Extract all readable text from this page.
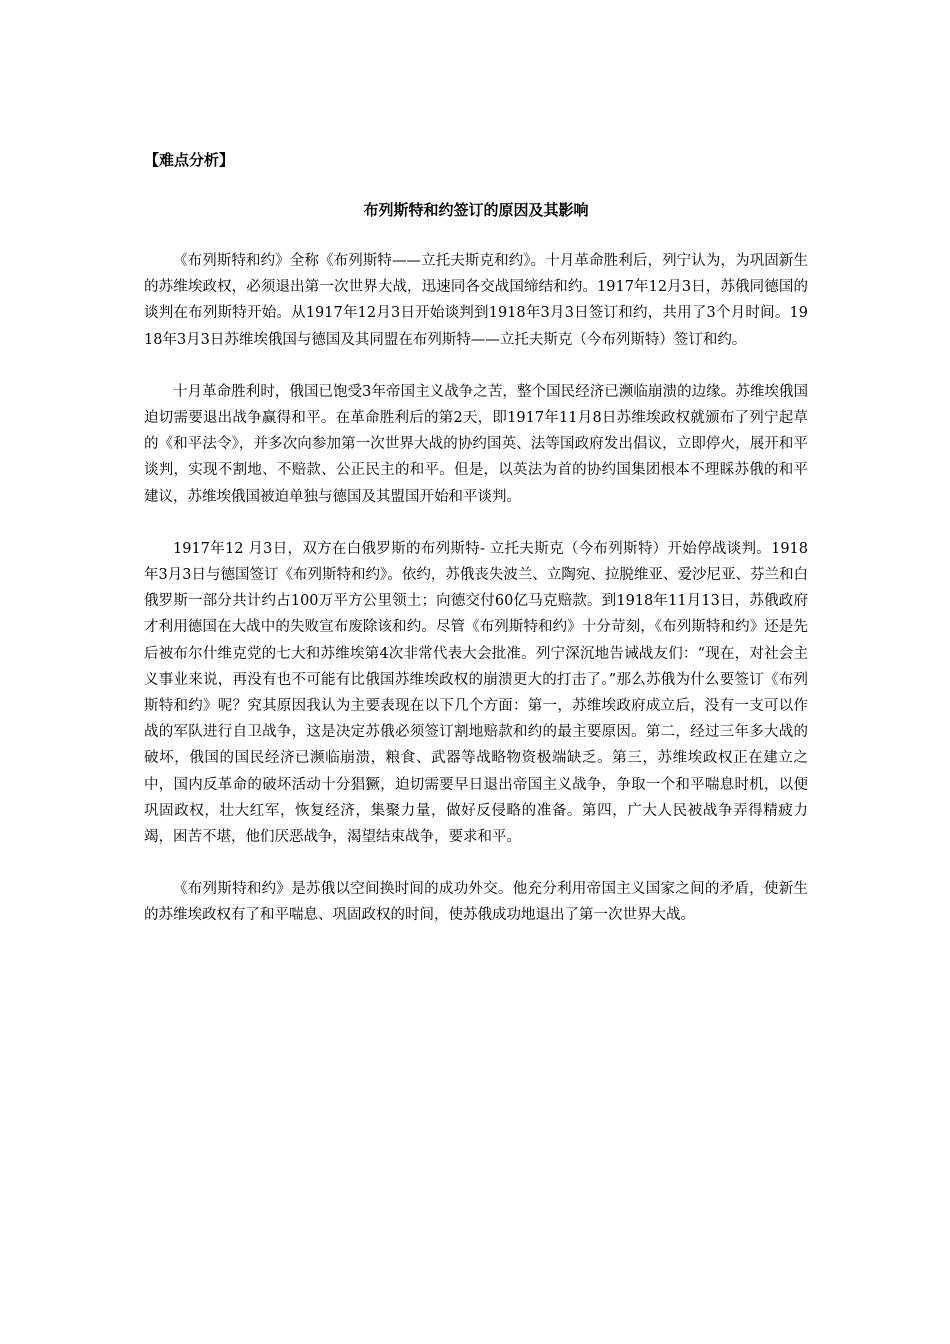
【难点分析】
布列斯特和约签订的原因及其影响

《布列斯特和约》全称《布列斯特——立托夫斯克和约》。十月革命胜利后，列宁认为，为巩固新生的苏维埃政权，必须退出第一次世界大战，迅速同各交战国缔结和约。1917年12月3日，苏俄同德国的谈判在布列斯特开始。从1917年12月3日开始谈判到1918年3月3日签订和约，共用了3个月时间。1918年3月3日苏维埃俄国与德国及其同盟在布列斯特——立托夫斯克（今布列斯特）签订和约。

十月革命胜利时，俄国已饱受3年帝国主义战争之苦，整个国民经济已濒临崩溃的边缘。苏维埃俄国迫切需要退出战争赢得和平。在革命胜利后的第2天，即1917年11月8日苏维埃政权就颁布了列宁起草的《和平法令》，并多次向参加第一次世界大战的协约国英、法等国政府发出倡议，立即停火，展开和平谈判，实现不割地、不赔款、公正民主的和平。但是，以英法为首的协约国集团根本不理睬苏俄的和平建议，苏维埃俄国被迫单独与德国及其盟国开始和平谈判。

1917年12 月3日，双方在白俄罗斯的布列斯特- 立托夫斯克（今布列斯特）开始停战谈判。1918年3月3日与德国签订《布列斯特和约》。依约，苏俄丧失波兰、立陶宛、拉脱维亚、爱沙尼亚、芬兰和白俄罗斯一部分共计约占100万平方公里领土；向德交付60亿马克赔款。到1918年11月13日，苏俄政府才利用德国在大战中的失败宣布废除该和约。尽管《布列斯特和约》十分苛刻，《布列斯特和约》还是先后被布尔什维克党的七大和苏维埃第4次非常代表大会批准。列宁深沉地告诫战友们：“现在，对社会主义事业来说，再没有也不可能有比俄国苏维埃政权的崩溃更大的打击了。”那么苏俄为什么要签订《布列斯特和约》呢？究其原因我认为主要表现在以下几个方面：第一，苏维埃政府成立后，没有一支可以作战的军队进行自卫战争，这是决定苏俄必须签订割地赔款和约的最主要原因。第二，经过三年多大战的破坏，俄国的国民经济已濒临崩溃，粮食、武器等战略物资极端缺乏。第三，苏维埃政权正在建立之中，国内反革命的破坏活动十分猖獗，迫切需要早日退出帝国主义战争，争取一个和平喘息时机，以便巩固政权，壮大红军，恢复经济，集聚力量，做好反侵略的准备。第四，广大人民被战争弄得精疲力竭，困苦不堪，他们厌恶战争，渴望结束战争，要求和平。

《布列斯特和约》是苏俄以空间换时间的成功外交。他充分利用帝国主义国家之间的矛盾，使新生的苏维埃政权有了和平喘息、巩固政权的时间，使苏俄成功地退出了第一次世界大战。
